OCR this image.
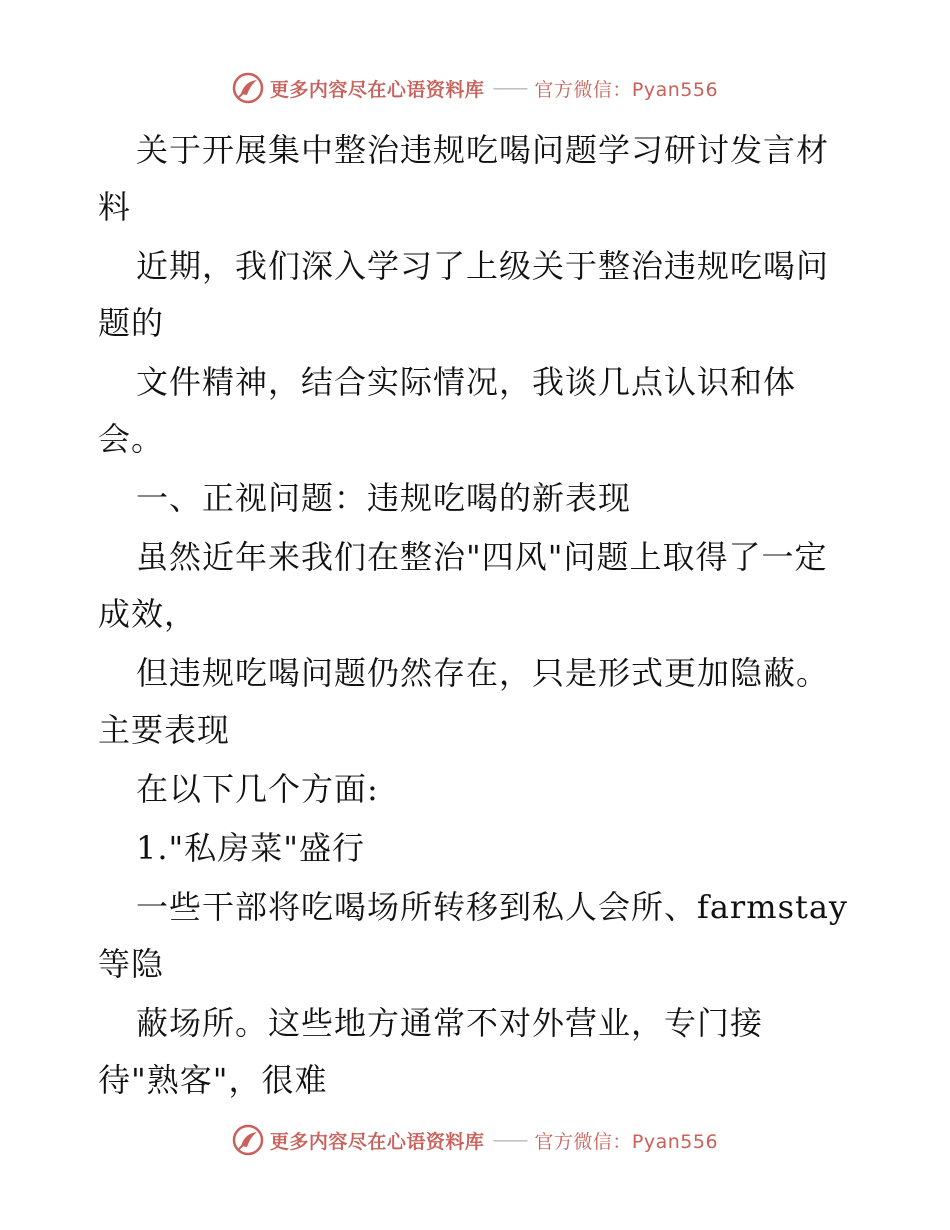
更多内容尽在心语资料库 —— 官方微信：Pyan556
关于开展集中整治违规吃喝问题学习研讨发言材
料
近期，我们深入学习了上级关于整治违规吃喝问
题的
文件精神，结合实际情况，我谈几点认识和体
会。
一、正视问题：违规吃喝的新表现
虽然近年来我们在整治"四风"问题上取得了一定
成效，
但违规吃喝问题仍然存在，只是形式更加隐蔽。
主要表现
在以下几个方面:
1."私房菜"盛行
一些干部将吃喝场所转移到私人会所、farmstay
等隐
蔽场所。这些地方通常不对外营业，专门接
待"熟客"，很难
更多内容尽在心语资料库 —— 官方微信：Pyan556
